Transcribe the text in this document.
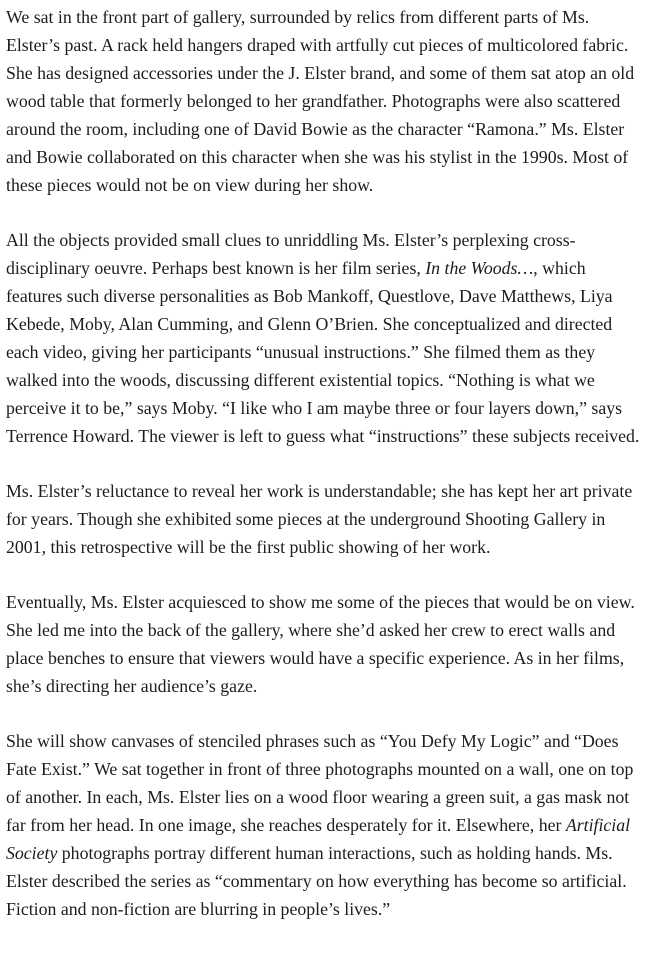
We sat in the front part of gallery, surrounded by relics from different parts of Ms. Elster’s past. A rack held hangers draped with artfully cut pieces of multicolored fabric. She has designed accessories under the J. Elster brand, and some of them sat atop an old wood table that formerly belonged to her grandfather. Photographs were also scattered around the room, including one of David Bowie as the character “Ramona.” Ms. Elster and Bowie collaborated on this character when she was his stylist in the 1990s. Most of these pieces would not be on view during her show.

All the objects provided small clues to unriddling Ms. Elster’s perplexing cross-disciplinary oeuvre. Perhaps best known is her film series, In the Woods…, which features such diverse personalities as Bob Mankoff, Questlove, Dave Matthews, Liya Kebede, Moby, Alan Cumming, and Glenn O’Brien. She conceptualized and directed each video, giving her participants “unusual instructions.” She filmed them as they walked into the woods, discussing different existential topics. “Nothing is what we perceive it to be,” says Moby. “I like who I am maybe three or four layers down,” says Terrence Howard. The viewer is left to guess what “instructions” these subjects received.

Ms. Elster’s reluctance to reveal her work is understandable; she has kept her art private for years. Though she exhibited some pieces at the underground Shooting Gallery in 2001, this retrospective will be the first public showing of her work.

Eventually, Ms. Elster acquiesced to show me some of the pieces that would be on view. She led me into the back of the gallery, where she’d asked her crew to erect walls and place benches to ensure that viewers would have a specific experience. As in her films, she’s directing her audience’s gaze.

She will show canvases of stenciled phrases such as “You Defy My Logic” and “Does Fate Exist.” We sat together in front of three photographs mounted on a wall, one on top of another. In each, Ms. Elster lies on a wood floor wearing a green suit, a gas mask not far from her head. In one image, she reaches desperately for it. Elsewhere, her Artificial Society photographs portray different human interactions, such as holding hands. Ms. Elster described the series as “commentary on how everything has become so artificial. Fiction and non-fiction are blurring in people’s lives.”
